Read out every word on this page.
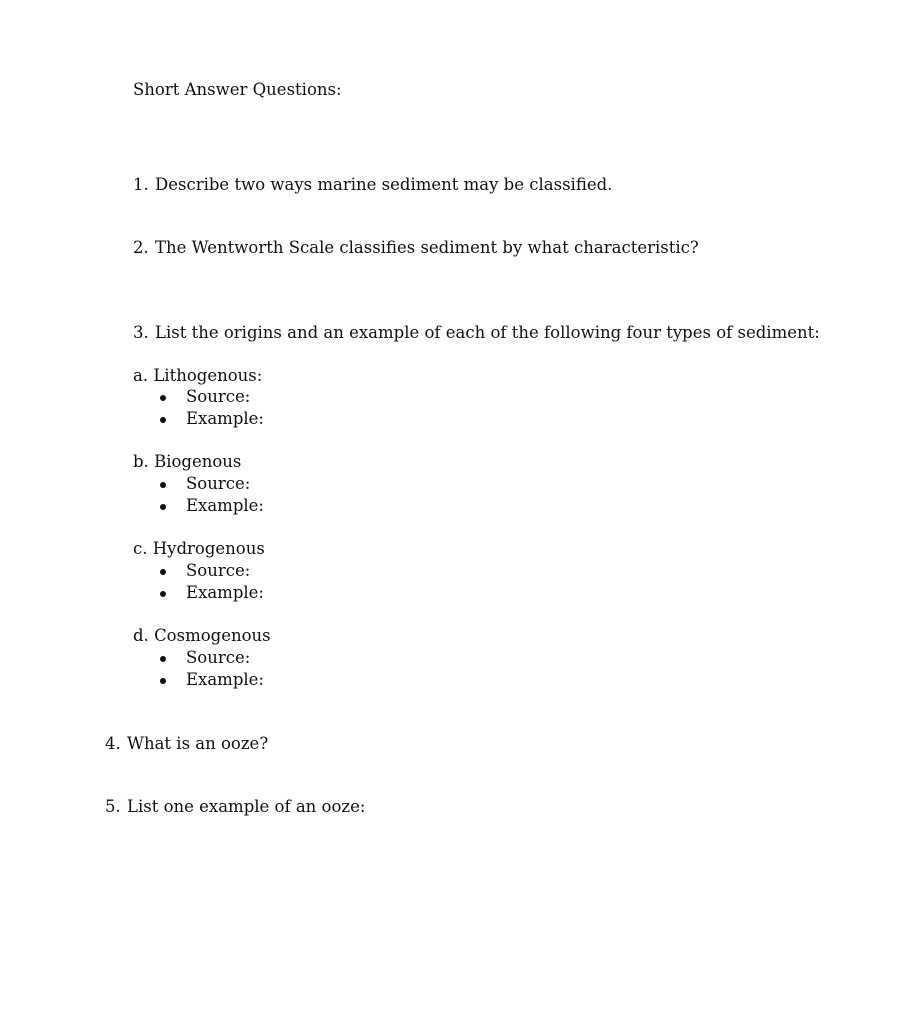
Short Answer Questions:
1. Describe two ways marine sediment may be classified.
2. The Wentworth Scale classifies sediment by what characteristic?
3. List the origins and an example of each of the following four types of sediment:
a. Lithogenous:
Source:
Example:
b. Biogenous
Source:
Example:
c. Hydrogenous
Source:
Example:
d. Cosmogenous
Source:
Example:
4. What is an ooze?
5. List one example of an ooze:
